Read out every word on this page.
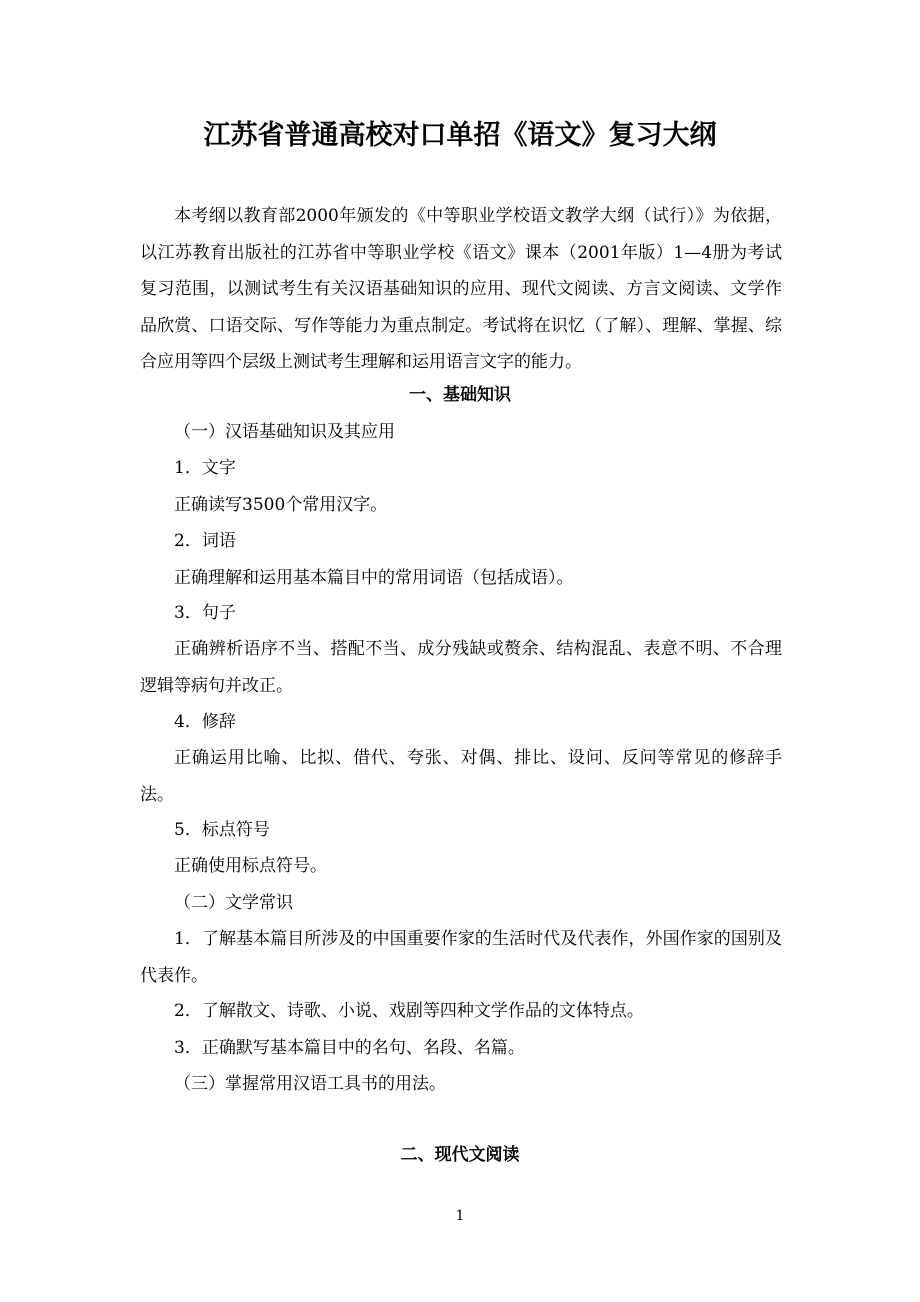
江苏省普通高校对口单招《语文》复习大纲
本考纲以教育部2000年颁发的《中等职业学校语文教学大纲（试行）》为依据，以江苏教育出版社的江苏省中等职业学校《语文》课本（2001年版）1—4册为考试复习范围，以测试考生有关汉语基础知识的应用、现代文阅读、方言文阅读、文学作品欣赏、口语交际、写作等能力为重点制定。考试将在识忆（了解）、理解、掌握、综合应用等四个层级上测试考生理解和运用语言文字的能力。
一、基础知识
（一）汉语基础知识及其应用
1．文字
正确读写3500个常用汉字。
2．词语
正确理解和运用基本篇目中的常用词语（包括成语）。
3．句子
正确辨析语序不当、搭配不当、成分残缺或赘余、结构混乱、表意不明、不合理逻辑等病句并改正。
4．修辞
正确运用比喻、比拟、借代、夸张、对偶、排比、设问、反问等常见的修辞手法。
5．标点符号
正确使用标点符号。
（二）文学常识
1．了解基本篇目所涉及的中国重要作家的生活时代及代表作，外国作家的国别及代表作。
2．了解散文、诗歌、小说、戏剧等四种文学作品的文体特点。
3．正确默写基本篇目中的名句、名段、名篇。
（三）掌握常用汉语工具书的用法。
二、现代文阅读
1
